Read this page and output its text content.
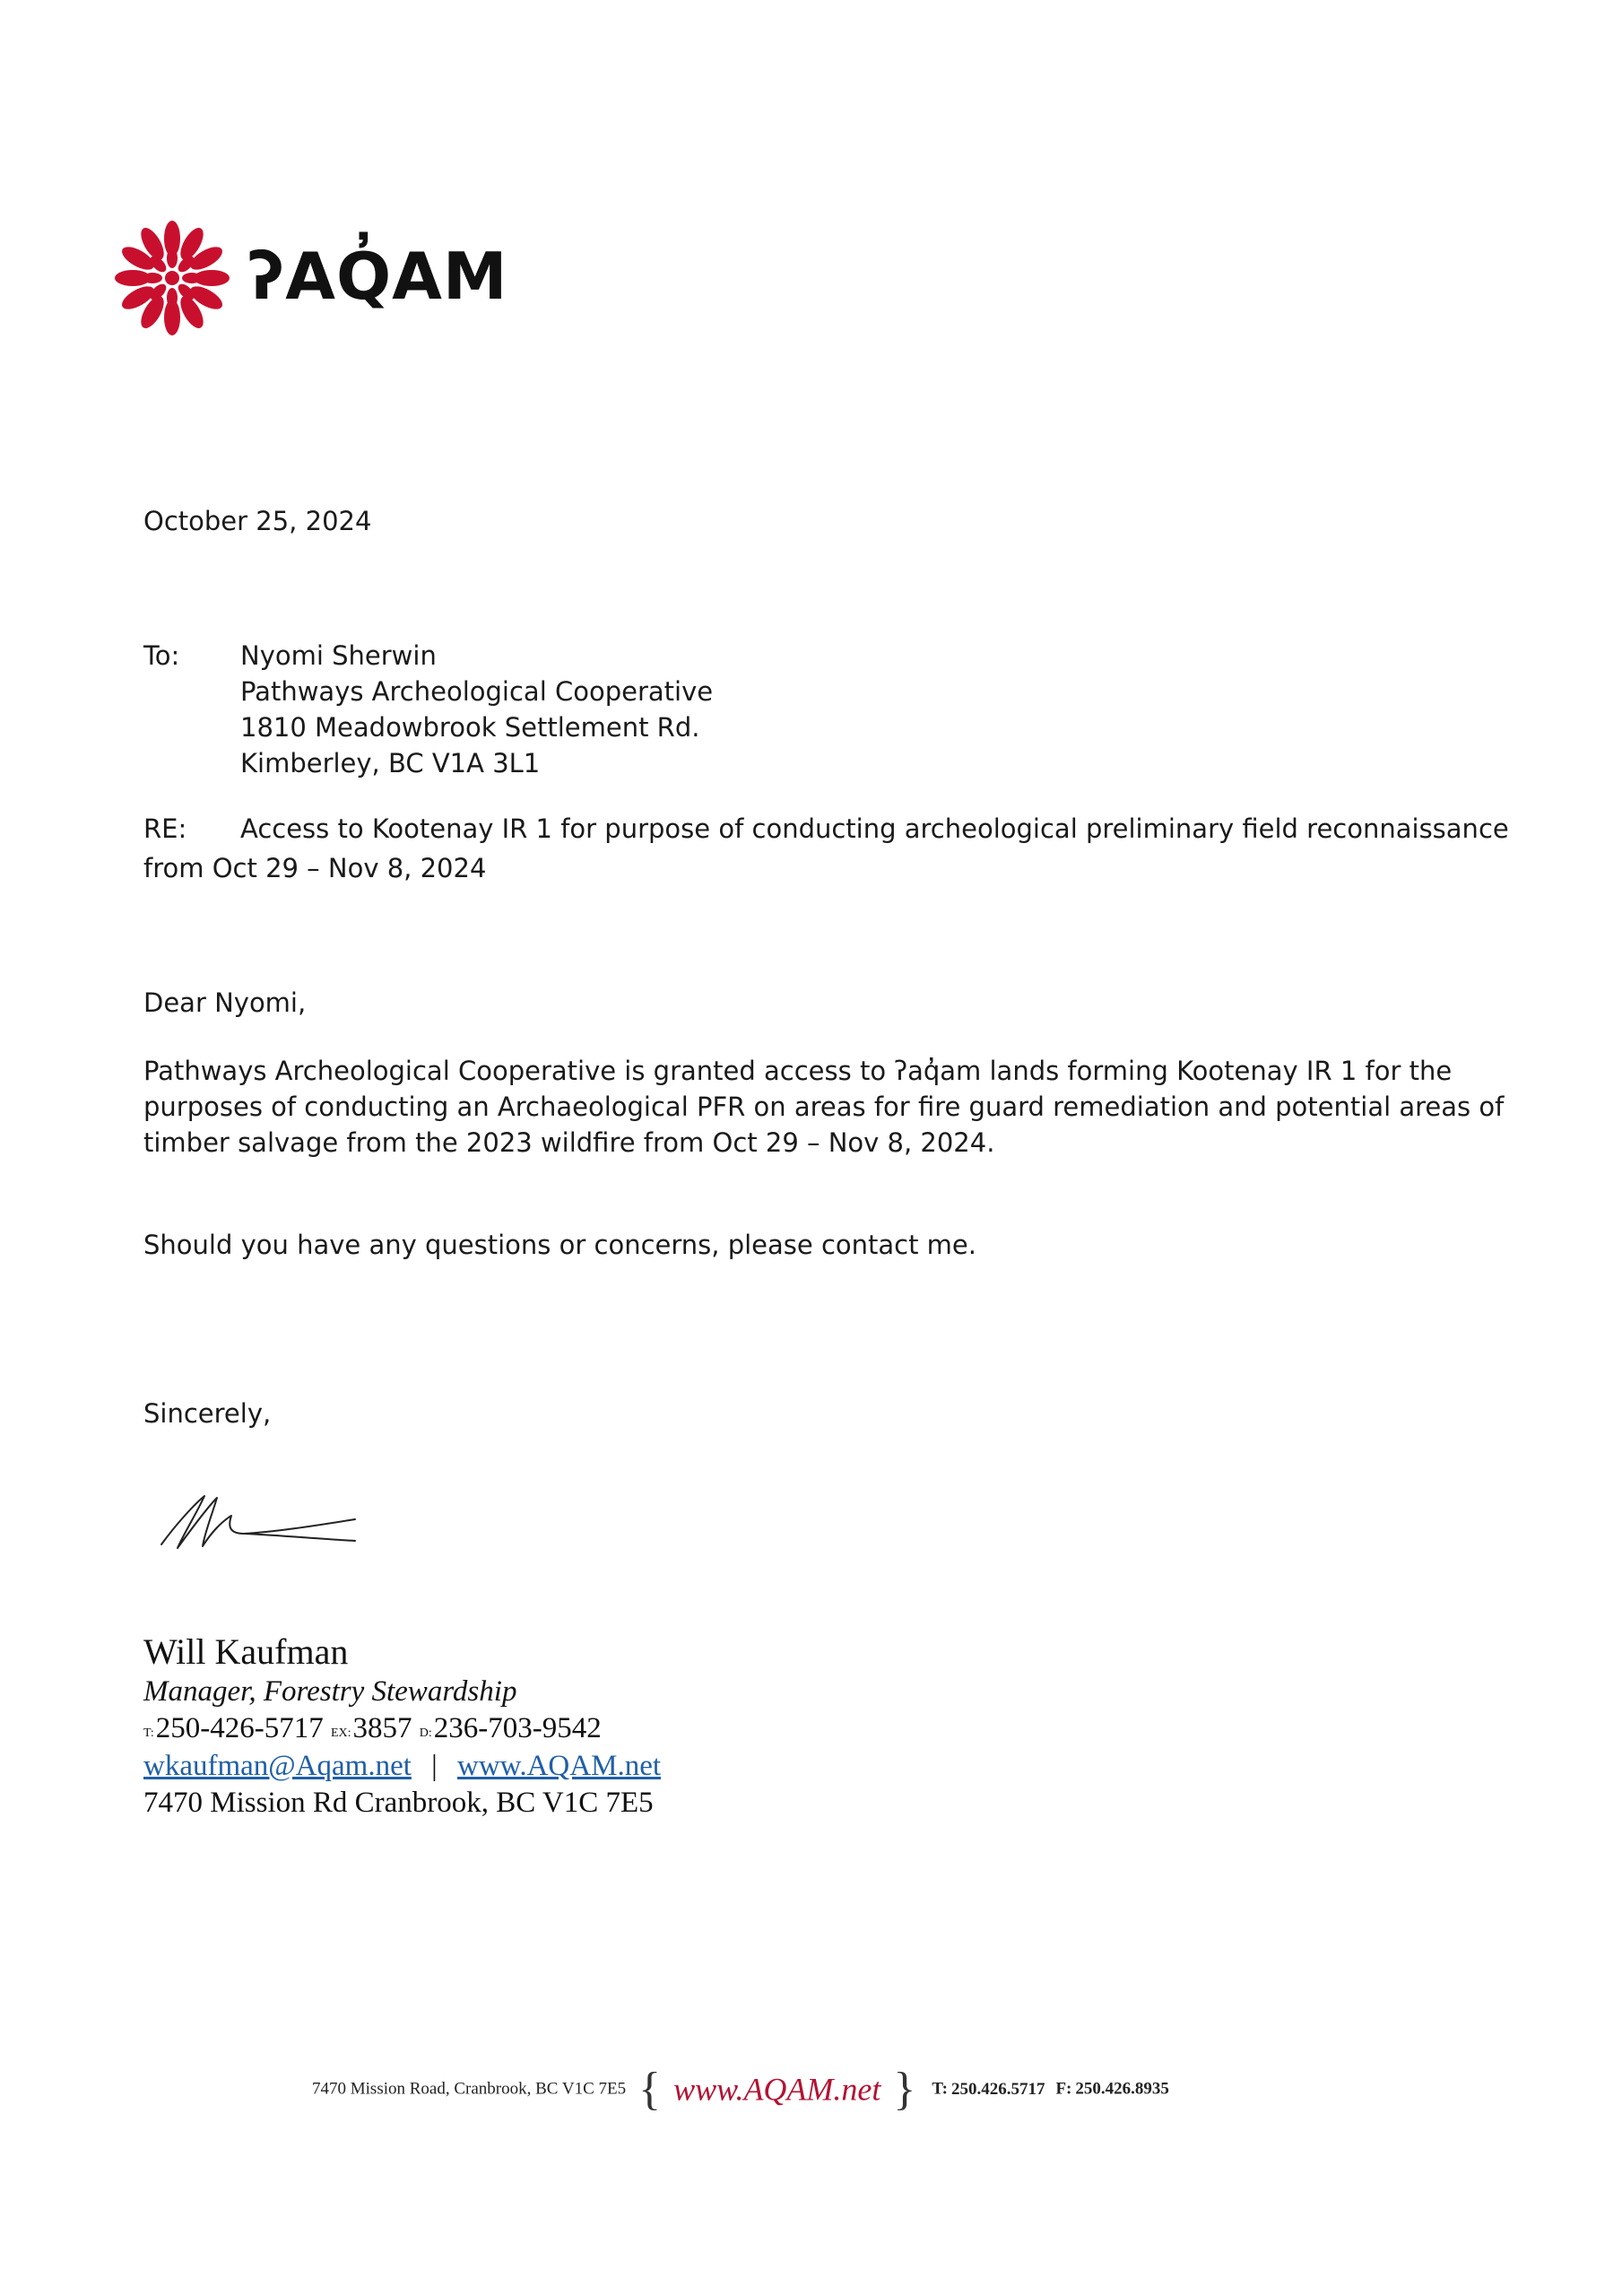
ʔAQ̓AM
October 25, 2024
To: Nyomi Sherwin
Pathways Archeological Cooperative
1810 Meadowbrook Settlement Rd.
Kimberley, BC V1A 3L1
RE: Access to Kootenay IR 1 for purpose of conducting archeological preliminary field reconnaissance
from Oct 29 – Nov 8, 2024
Dear Nyomi,
Pathways Archeological Cooperative is granted access to ʔaq̓am lands forming Kootenay IR 1 for the
purposes of conducting an Archaeological PFR on areas for fire guard remediation and potential areas of
timber salvage from the 2023 wildfire from Oct 29 – Nov 8, 2024.
Should you have any questions or concerns, please contact me.
Sincerely,
Will Kaufman
Manager, Forestry Stewardship
$^{T:}$250-426-5717 $^{EX:}$3857 $^{D:}$236-703-9542
wkaufman@Aqam.net | www.AQAM.net
7470 Mission Rd Cranbrook, BC V1C 7E5
7470 Mission Road, Cranbrook, BC V1C 7E5 { www.AQAM.net } T: 250.426.5717 F: 250.426.8935
